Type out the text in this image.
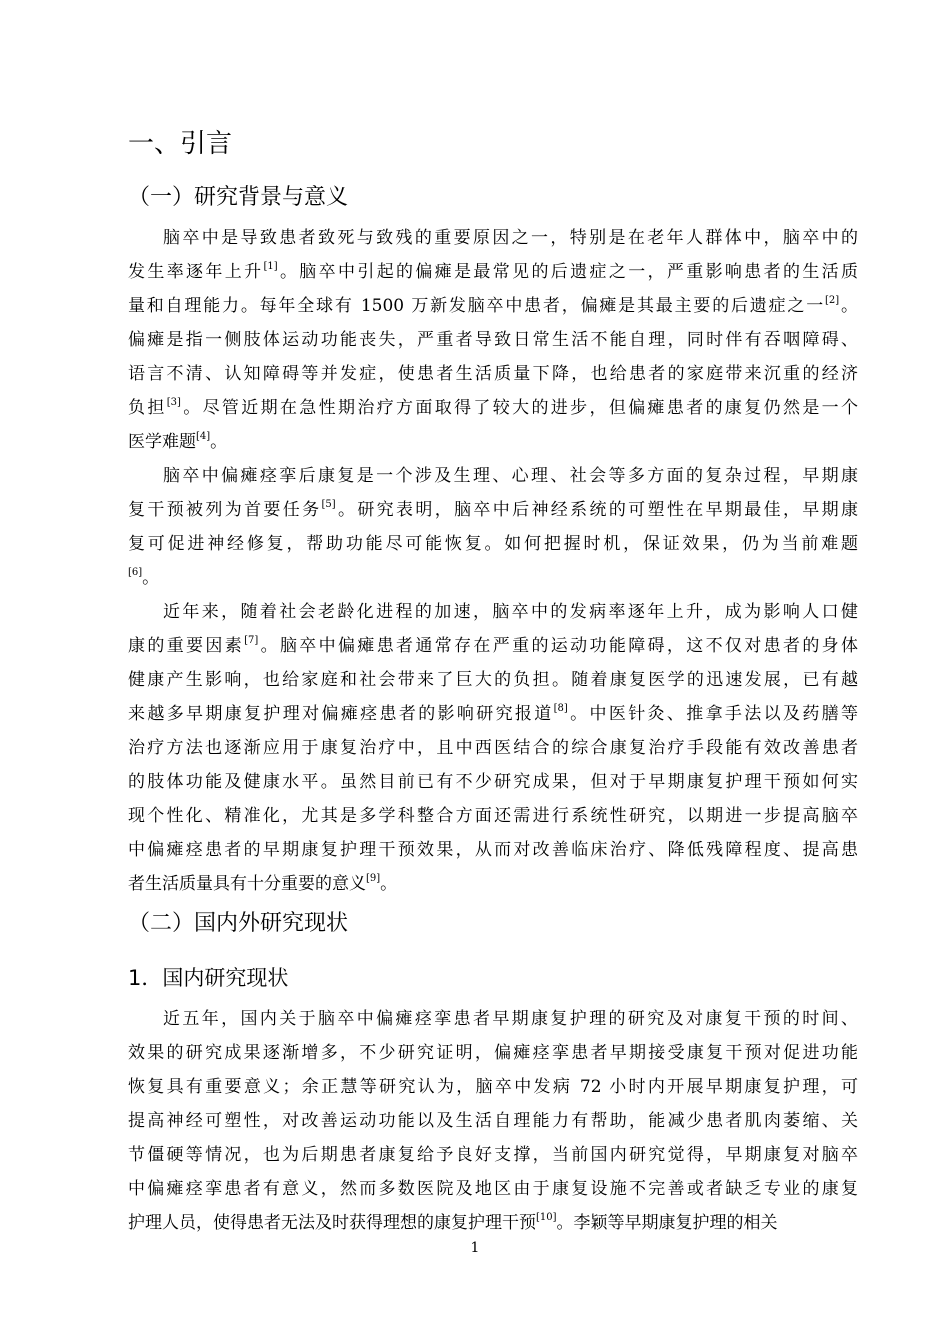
一、引言
（一）研究背景与意义
脑卒中是导致患者致死与致残的重要原因之一，特别是在老年人群体中，脑卒中的
发生率逐年上升[1]。脑卒中引起的偏瘫是最常见的后遗症之一，严重影响患者的生活质
量和自理能力。每年全球有 1500 万新发脑卒中患者，偏瘫是其最主要的后遗症之一[2]。
偏瘫是指一侧肢体运动功能丧失，严重者导致日常生活不能自理，同时伴有吞咽障碍、
语言不清、认知障碍等并发症，使患者生活质量下降，也给患者的家庭带来沉重的经济
负担[3]。尽管近期在急性期治疗方面取得了较大的进步，但偏瘫患者的康复仍然是一个
医学难题[4]。
脑卒中偏瘫痉挛后康复是一个涉及生理、心理、社会等多方面的复杂过程，早期康
复干预被列为首要任务[5]。研究表明，脑卒中后神经系统的可塑性在早期最佳，早期康
复可促进神经修复，帮助功能尽可能恢复。如何把握时机，保证效果，仍为当前难题
[6]。
近年来，随着社会老龄化进程的加速，脑卒中的发病率逐年上升，成为影响人口健
康的重要因素[7]。脑卒中偏瘫患者通常存在严重的运动功能障碍，这不仅对患者的身体
健康产生影响，也给家庭和社会带来了巨大的负担。随着康复医学的迅速发展，已有越
来越多早期康复护理对偏瘫痉患者的影响研究报道[8]。中医针灸、推拿手法以及药膳等
治疗方法也逐渐应用于康复治疗中，且中西医结合的综合康复治疗手段能有效改善患者
的肢体功能及健康水平。虽然目前已有不少研究成果，但对于早期康复护理干预如何实
现个性化、精准化，尤其是多学科整合方面还需进行系统性研究，以期进一步提高脑卒
中偏瘫痉患者的早期康复护理干预效果，从而对改善临床治疗、降低残障程度、提高患
者生活质量具有十分重要的意义[9]。
（二）国内外研究现状
1．国内研究现状
近五年，国内关于脑卒中偏瘫痉挛患者早期康复护理的研究及对康复干预的时间、
效果的研究成果逐渐增多，不少研究证明，偏瘫痉挛患者早期接受康复干预对促进功能
恢复具有重要意义；余正慧等研究认为，脑卒中发病 72 小时内开展早期康复护理，可
提高神经可塑性，对改善运动功能以及生活自理能力有帮助，能减少患者肌肉萎缩、关
节僵硬等情况，也为后期患者康复给予良好支撑，当前国内研究觉得，早期康复对脑卒
中偏瘫痉挛患者有意义，然而多数医院及地区由于康复设施不完善或者缺乏专业的康复
护理人员，使得患者无法及时获得理想的康复护理干预[10]。李颖等早期康复护理的相关
1
